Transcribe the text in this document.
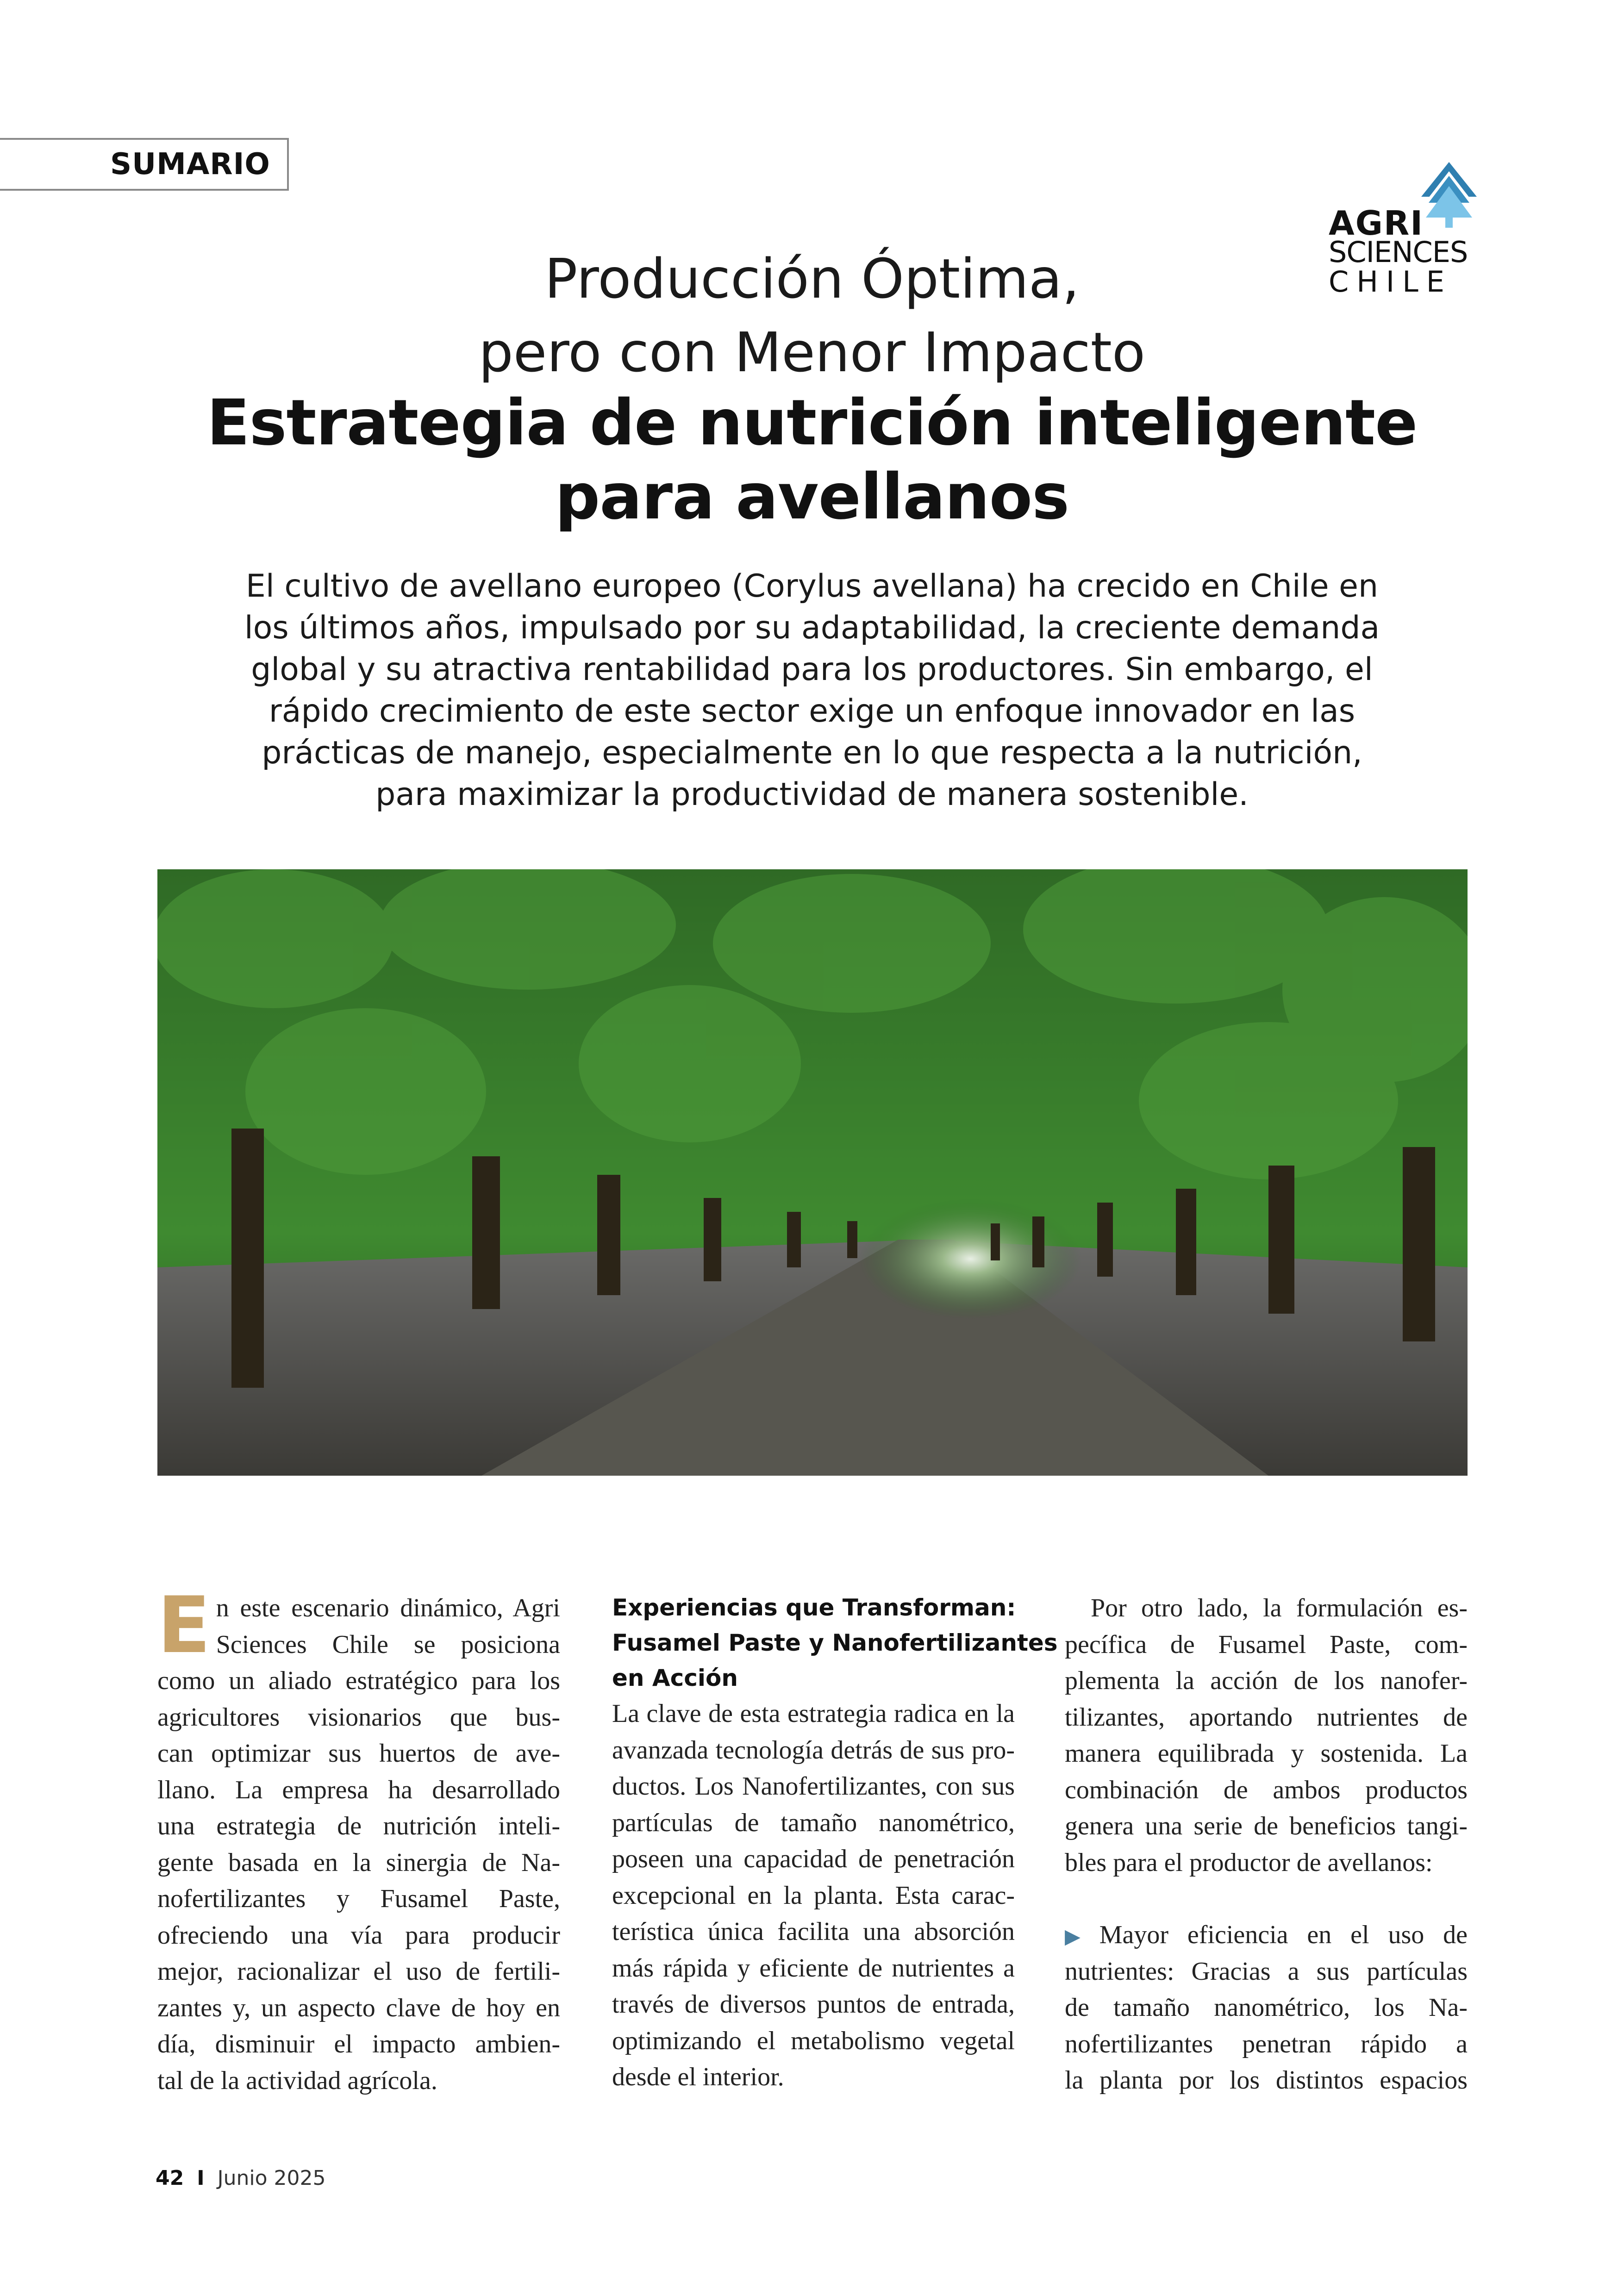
SUMARIO
AGRI
SCIENCES
CHILE
Producción Óptima,
pero con Menor Impacto
Estrategia de nutrición inteligente
para avellanos
El cultivo de avellano europeo (Corylus avellana) ha crecido en Chile en
los últimos años, impulsado por su adaptabilidad, la creciente demanda
global y su atractiva rentabilidad para los productores. Sin embargo, el
rápido crecimiento de este sector exige un enfoque innovador en las
prácticas de manejo, especialmente en lo que respecta a la nutrición,
para maximizar la productividad de manera sostenible.
E n este escenario dinámico, Agri
Sciences Chile se posiciona
como un aliado estratégico para los
agricultores visionarios que bus-
can optimizar sus huertos de ave-
llano. La empresa ha desarrollado
una estrategia de nutrición inteli-
gente basada en la sinergia de Na-
nofertilizantes y Fusamel Paste,
ofreciendo una vía para producir
mejor, racionalizar el uso de fertili-
zantes y, un aspecto clave de hoy en
día, disminuir el impacto ambien-
tal de la actividad agrícola.
Experiencias que Transforman:
Fusamel Paste y Nanofertilizantes
en Acción
La clave de esta estrategia radica en la
avanzada tecnología detrás de sus pro-
ductos. Los Nanofertilizantes, con sus
partículas de tamaño nanométrico,
poseen una capacidad de penetración
excepcional en la planta. Esta carac-
terística única facilita una absorción
más rápida y eficiente de nutrientes a
través de diversos puntos de entrada,
optimizando el metabolismo vegetal
desde el interior.
Por otro lado, la formulación es-
pecífica de Fusamel Paste, com-
plementa la acción de los nanofer-
tilizantes, aportando nutrientes de
manera equilibrada y sostenida. La
combinación de ambos productos
genera una serie de beneficios tangi-
bles para el productor de avellanos:
▶ Mayor eficiencia en el uso de
nutrientes: Gracias a sus partículas
de tamaño nanométrico, los Na-
nofertilizantes penetran rápido a
la planta por los distintos espacios
42 I Junio 2025
